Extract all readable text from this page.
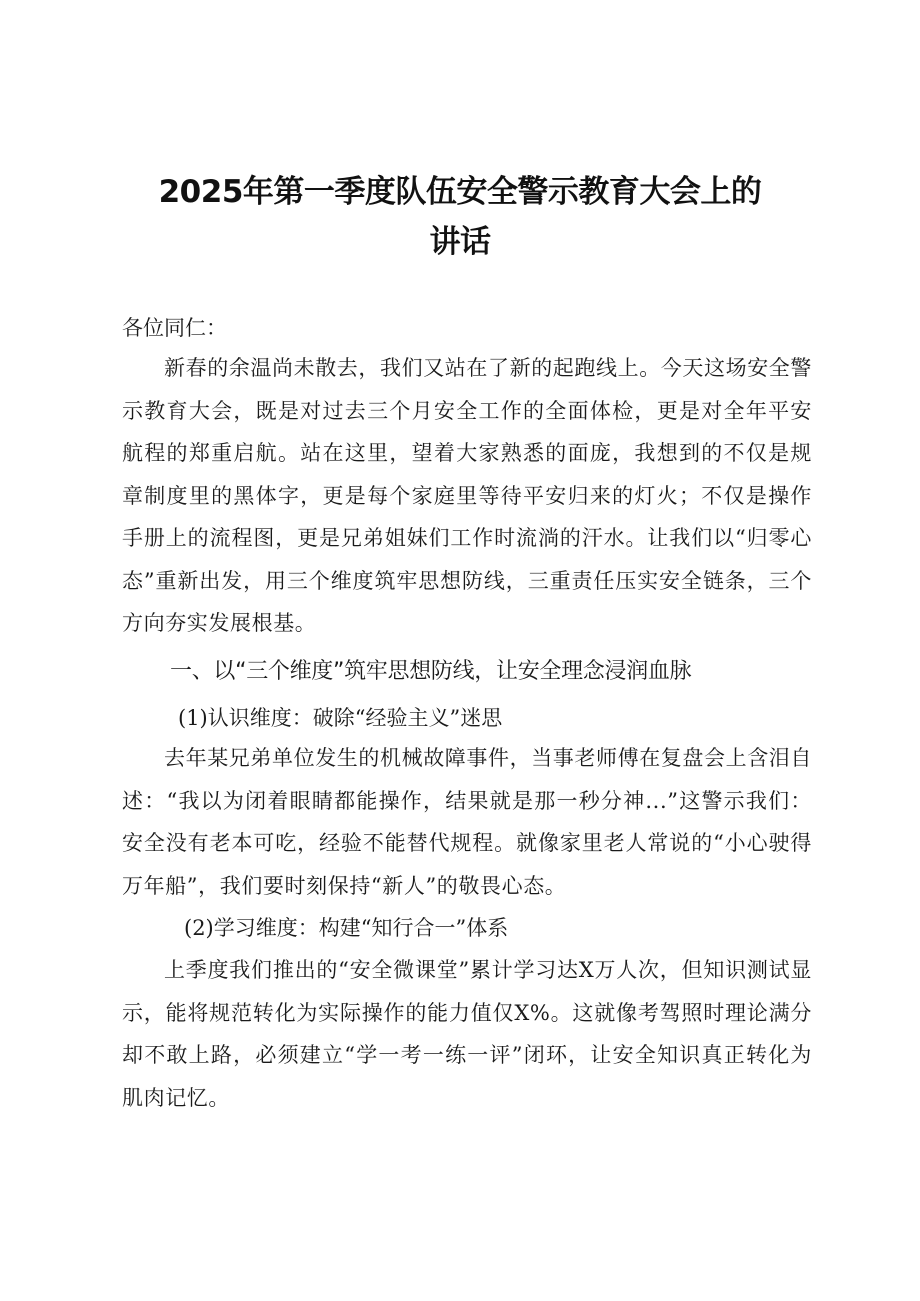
2025年第一季度队伍安全警示教育大会上的
讲话
各位同仁：
新春的余温尚未散去，我们又站在了新的起跑线上。今天这场安全警示教育大会，既是对过去三个月安全工作的全面体检，更是对全年平安航程的郑重启航。站在这里，望着大家熟悉的面庞，我想到的不仅是规章制度里的黑体字，更是每个家庭里等待平安归来的灯火；不仅是操作手册上的流程图，更是兄弟姐妹们工作时流淌的汗水。让我们以“归零心态”重新出发，用三个维度筑牢思想防线，三重责任压实安全链条，三个方向夯实发展根基。
一、以“三个维度”筑牢思想防线，让安全理念浸润血脉
(1)认识维度：破除“经验主义”迷思
去年某兄弟单位发生的机械故障事件，当事老师傅在复盘会上含泪自述：“我以为闭着眼睛都能操作，结果就是那一秒分神...”这警示我们：安全没有老本可吃，经验不能替代规程。就像家里老人常说的“小心驶得万年船”，我们要时刻保持“新人”的敬畏心态。
(2)学习维度：构建“知行合一”体系
上季度我们推出的“安全微课堂”累计学习达X万人次，但知识测试显示，能将规范转化为实际操作的能力值仅X%。这就像考驾照时理论满分却不敢上路，必须建立“学一考一练一评”闭环，让安全知识真正转化为肌肉记忆。
